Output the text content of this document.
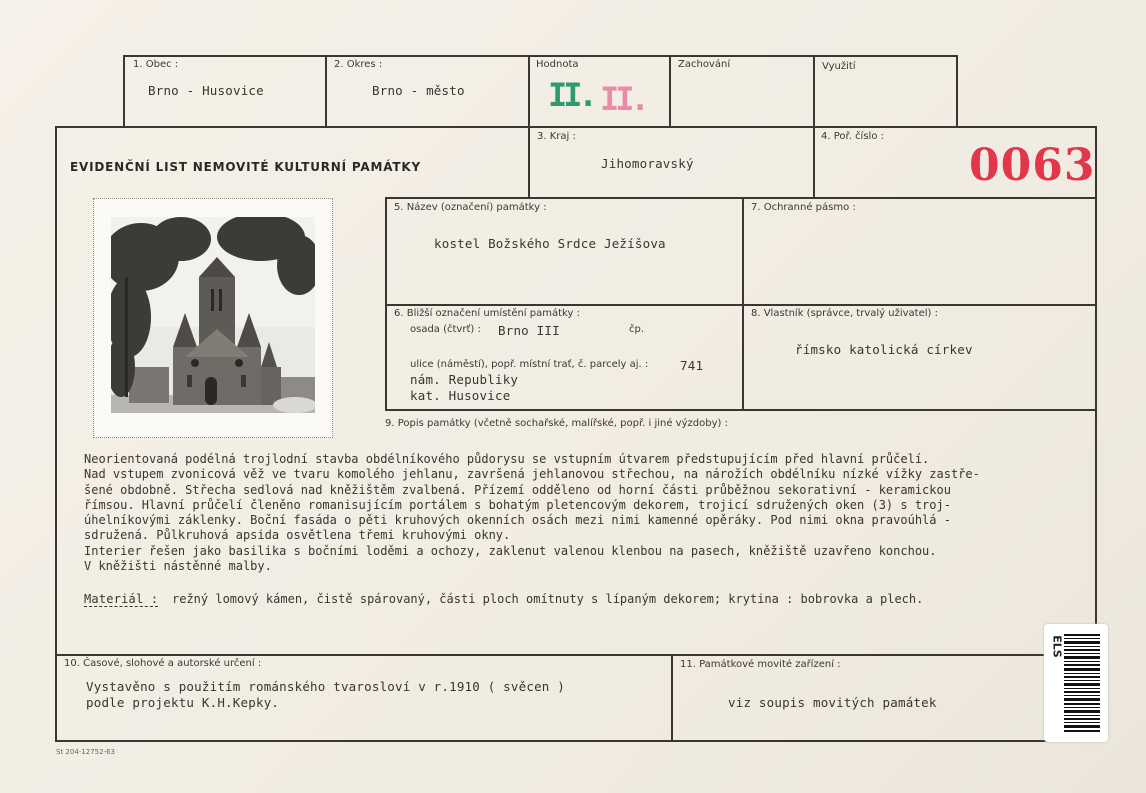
1. Obec :
Brno - Husovice
2. Okres :
Brno - město
Hodnota
II. II.
Zachování	Využití
EVIDENČNÍ LIST NEMOVITÉ KULTURNÍ PAMÁTKY
3. Kraj :
Jihomoravský
4. Poř. číslo :
0063
5. Název (označení) památky :
kostel Božského Srdce Ježíšova
7. Ochranné pásmo :
6. Bližší označení umístění památky :
osada (čtvrť) : Brno III	čp.
ulice (náměstí), popř. místní trať, č. parcely aj. :	741
nám. Republiky
kat. Husovice
8. Vlastník (správce, trvalý uživatel) :
římsko katolická církev
9. Popis památky (včetně sochařské, malířské, popř. i jiné výzdoby) :

Neorientovaná podélná trojlodní stavba obdélníkového půdorysu se vstupním útvarem předstupujícím před hlavní průčelí.

Nad vstupem zvonicová věž ve tvaru komolého jehlanu, završená jehlanovou střechou, na nárožích obdélníku nízké vížky zastře-

šené obdobně. Střecha sedlová nad kněžištěm zvalbená. Přízemí odděleno od horní části průběžnou sekorativní - keramickou

římsou. Hlavní průčelí členěno romanisujícím portálem s bohatým pletencovým dekorem, trojicí sdružených oken (3) s troj-

úhelníkovými záklenky. Boční fasáda o pěti kruhových okenních osách mezi nimi kamenné opěráky. Pod nimi okna pravoúhlá -

sdružená. Půlkruhová apsida osvětlena třemi kruhovými okny.

Interier řešen jako basilika s bočními loděmi a ochozy, zaklenut valenou klenbou na pasech, kněžiště uzavřeno konchou.

V kněžišti nástěnné malby.

Materiál : režný lomový kámen, čistě spárovaný, části ploch omítnuty s lípaným dekorem; krytina : bobrovka a plech.
10. Časové, slohové a autorské určení :
Vystavěno s použitím románského tvarosloví v r.1910 ( svěcen )
podle projektu K.H.Kepky.
11. Památkové movité zařízení :
viz soupis movitých památek
St 204-12752-63
ELS
